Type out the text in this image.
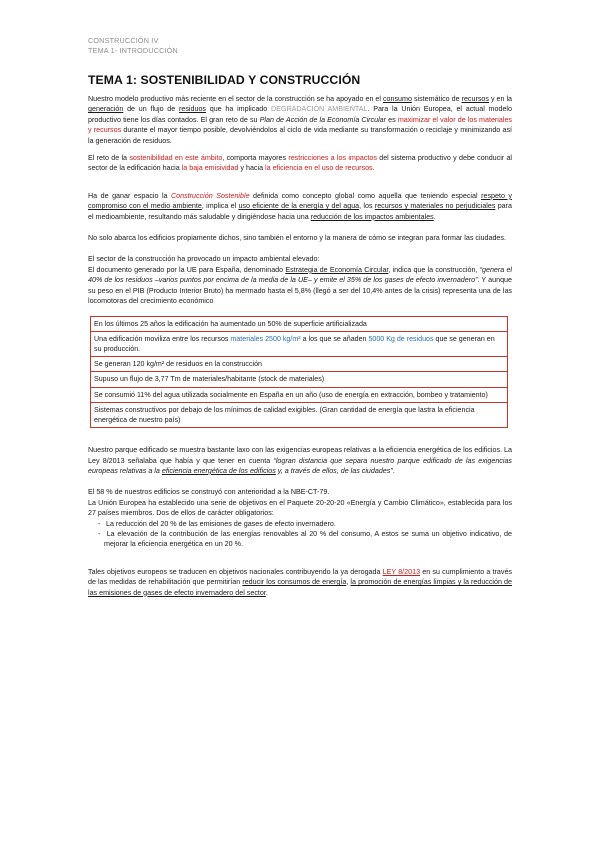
CONSTRUCCIÓN IV
TEMA 1- INTRODUCCIÓN
TEMA 1: SOSTENIBILIDAD Y CONSTRUCCIÓN

Nuestro modelo productivo más reciente en el sector de la construcción se ha apoyado en el consumo sistemático de recursos y en la generación de un flujo de residuos que ha implicado DEGRADACIÓN AMBIENTAL. Para la Unión Europea, el actual modelo productivo tiene los días contados. El gran reto de su Plan de Acción de la Economía Circular es maximizar el valor de los materiales y recursos durante el mayor tiempo posible, devolviéndolos al ciclo de vida mediante su transformación o reciclaje y minimizando así la generación de residuos.

El reto de la sostenibilidad en este ámbito, comporta mayores restricciones a los impactos del sistema productivo y debe conducir al sector de la edificación hacia la baja emisividad y hacia la eficiencia en el uso de recursos.

Ha de ganar espacio la Construcción Sostenible definida como concepto global como aquella que teniendo especial respeto y compromiso con el medio ambiente, implica el uso eficiente de la energía y del agua, los recursos y materiales no perjudiciales para el medioambiente, resultando más saludable y dirigiéndose hacia una reducción de los impactos ambientales.

No solo abarca los edificios propiamente dichos, sino también el entorno y la manera de cómo se integran para formar las ciudades.

El sector de la construcción ha provocado un impacto ambiental elevado:
El documento generado por la UE para España, denominado Estrategia de Economía Circular, indica que la construcción, “genera el 40% de los residuos –varios puntos por encima de la media de la UE– y emite el 35% de los gases de efecto invernadero”. Y aunque su peso en el PIB (Producto Interior Bruto) ha mermado hasta el 5,8% (llegó a ser del 10,4% antes de la crisis) representa una de las locomotoras del crecimiento económico

En los últimos 25 años la edificación ha aumentado un 50% de superficie artificializada
Una edificación moviliza entre los recursos materiales 2500 kg/m² a los que se añaden 5000 Kg de residuos que se generan en su producción.
Se generan 120 kg/m² de residuos en la construcción
Supuso un flujo de 3,77 Tm de materiales/habitante (stock de materiales)
Se consumió 11% del agua utilizada socialmente en España en un año (uso de energía en extracción, bombeo y tratamiento)
Sistemas constructivos por debajo de los mínimos de calidad exigibles. (Gran cantidad de energía que lastra la eficiencia energética de nuestro país)

Nuestro parque edificado se muestra bastante laxo con las exigencias europeas relativas a la eficiencia energética de los edificios. La Ley 8/2013 señalaba que había y que tener en cuenta “logran distancia que separa nuestro parque edificado de las exigencias europeas relativas a la eficiencia energética de los edificios y, a través de ellos, de las ciudades”.

El 58 % de nuestros edificios se construyó con anterioridad a la NBE-CT-79.
La Unión Europea ha establecido una serie de objetivos en el Paquete 20-20-20 «Energía y Cambio Climático», establecida para los 27 países miembros. Dos de ellos de carácter obligatorios:

- La reducción del 20 % de las emisiones de gases de efecto invernadero.
- La elevación de la contribución de las energías renovables al 20 % del consumo, A estos se suma un objetivo indicativo, de mejorar la eficiencia energética en un 20 %.

Tales objetivos europeos se traducen en objetivos nacionales contribuyendo la ya derogada LEY 8/2013 en su cumplimiento a través de las medidas de rehabilitación que permitirían reducir los consumos de energía, la promoción de energías limpias y la reducción de las emisiones de gases de efecto invernadero del sector.
